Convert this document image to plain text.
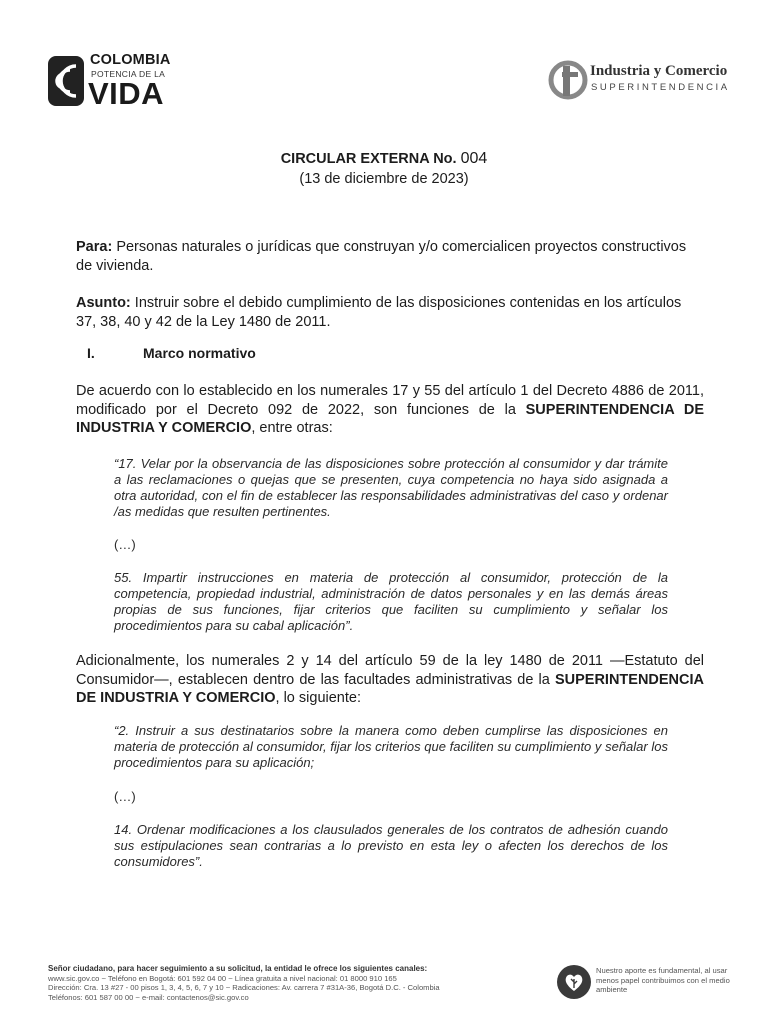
COLOMBIA
POTENCIA DE LA
VIDA
Industria y Comercio
SUPERINTENDENCIA
CIRCULAR EXTERNA No. 004
(13 de diciembre de 2023)
Para: Personas naturales o jurídicas que construyan y/o comercialicen proyectos constructivos de vivienda.
Asunto: Instruir sobre el debido cumplimiento de las disposiciones contenidas en los artículos 37, 38, 40 y 42 de la Ley 1480 de 2011.
I.	Marco normativo
De acuerdo con lo establecido en los numerales 17 y 55 del artículo 1 del Decreto 4886 de 2011, modificado por el Decreto 092 de 2022, son funciones de la SUPERINTENDENCIA DE INDUSTRIA Y COMERCIO, entre otras:
“17. Velar por la observancia de las disposiciones sobre protección al consumidor y dar trámite a las reclamaciones o quejas que se presenten, cuya competencia no haya sido asignada a otra autoridad, con el fin de establecer las responsabilidades administrativas del caso y ordenar /as medidas que resulten pertinentes.
(…)
55. Impartir instrucciones en materia de protección al consumidor, protección de la competencia, propiedad industrial, administración de datos personales y en las demás áreas propias de sus funciones, fijar criterios que faciliten su cumplimiento y señalar los procedimientos para su cabal aplicación”.
Adicionalmente, los numerales 2 y 14 del artículo 59 de la ley 1480 de 2011 —Estatuto del Consumidor—, establecen dentro de las facultades administrativas de la SUPERINTENDENCIA DE INDUSTRIA Y COMERCIO, lo siguiente:
“2. Instruir a sus destinatarios sobre la manera como deben cumplirse las disposiciones en materia de protección al consumidor, fijar los criterios que faciliten su cumplimiento y señalar los procedimientos para su aplicación;
(…)
14. Ordenar modificaciones a los clausulados generales de los contratos de adhesión cuando sus estipulaciones sean contrarias a lo previsto en esta ley o afecten los derechos de los consumidores”.
Señor ciudadano, para hacer seguimiento a su solicitud, la entidad le ofrece los siguientes canales:
www.sic.gov.co ~ Teléfono en Bogotá: 601 592 04 00 ~ Línea gratuita a nivel nacional: 01 8000 910 165
Dirección: Cra. 13 #27 - 00 pisos 1, 3, 4, 5, 6, 7 y 10 ~ Radicaciones: Av. carrera 7 #31A-36, Bogotá D.C. - Colombia
Teléfonos: 601 587 00 00 ~ e-mail: contactenos@sic.gov.co
Nuestro aporte es fundamental, al usar menos papel contribuimos con el medio ambiente
